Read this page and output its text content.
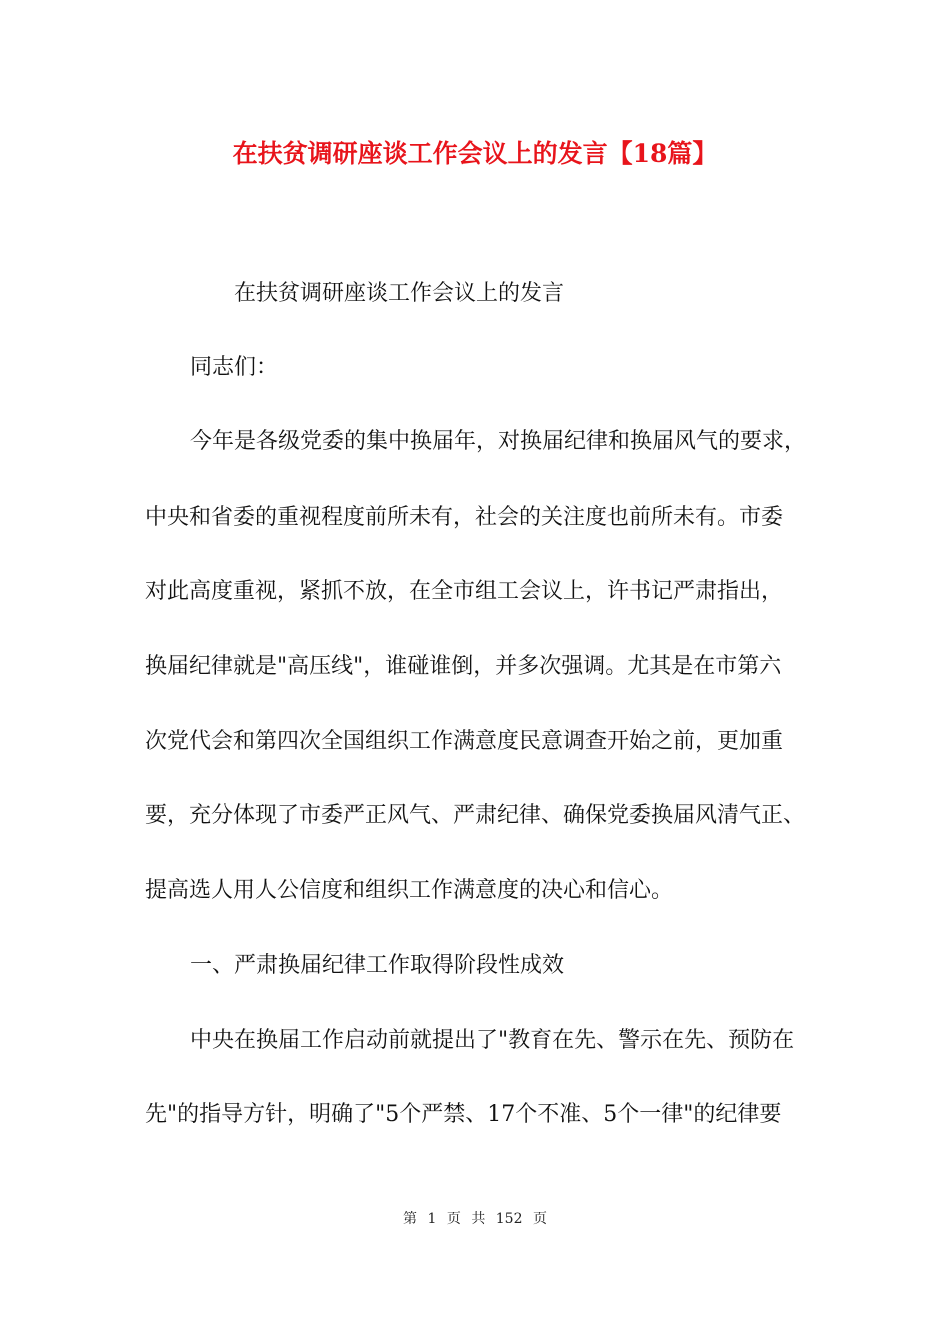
在扶贫调研座谈工作会议上的发言【18篇】
在扶贫调研座谈工作会议上的发言
同志们：
今年是各级党委的集中换届年，对换届纪律和换届风气的要求，
中央和省委的重视程度前所未有，社会的关注度也前所未有。市委
对此高度重视，紧抓不放，在全市组工会议上，许书记严肃指出，
换届纪律就是"高压线"，谁碰谁倒，并多次强调。尤其是在市第六
次党代会和第四次全国组织工作满意度民意调查开始之前，更加重
要，充分体现了市委严正风气、严肃纪律、确保党委换届风清气正、
提高选人用人公信度和组织工作满意度的决心和信心。
一、严肃换届纪律工作取得阶段性成效
中央在换届工作启动前就提出了"教育在先、警示在先、预防在
先"的指导方针，明确了"5个严禁、17个不准、5个一律"的纪律要
第 1 页 共 152 页
